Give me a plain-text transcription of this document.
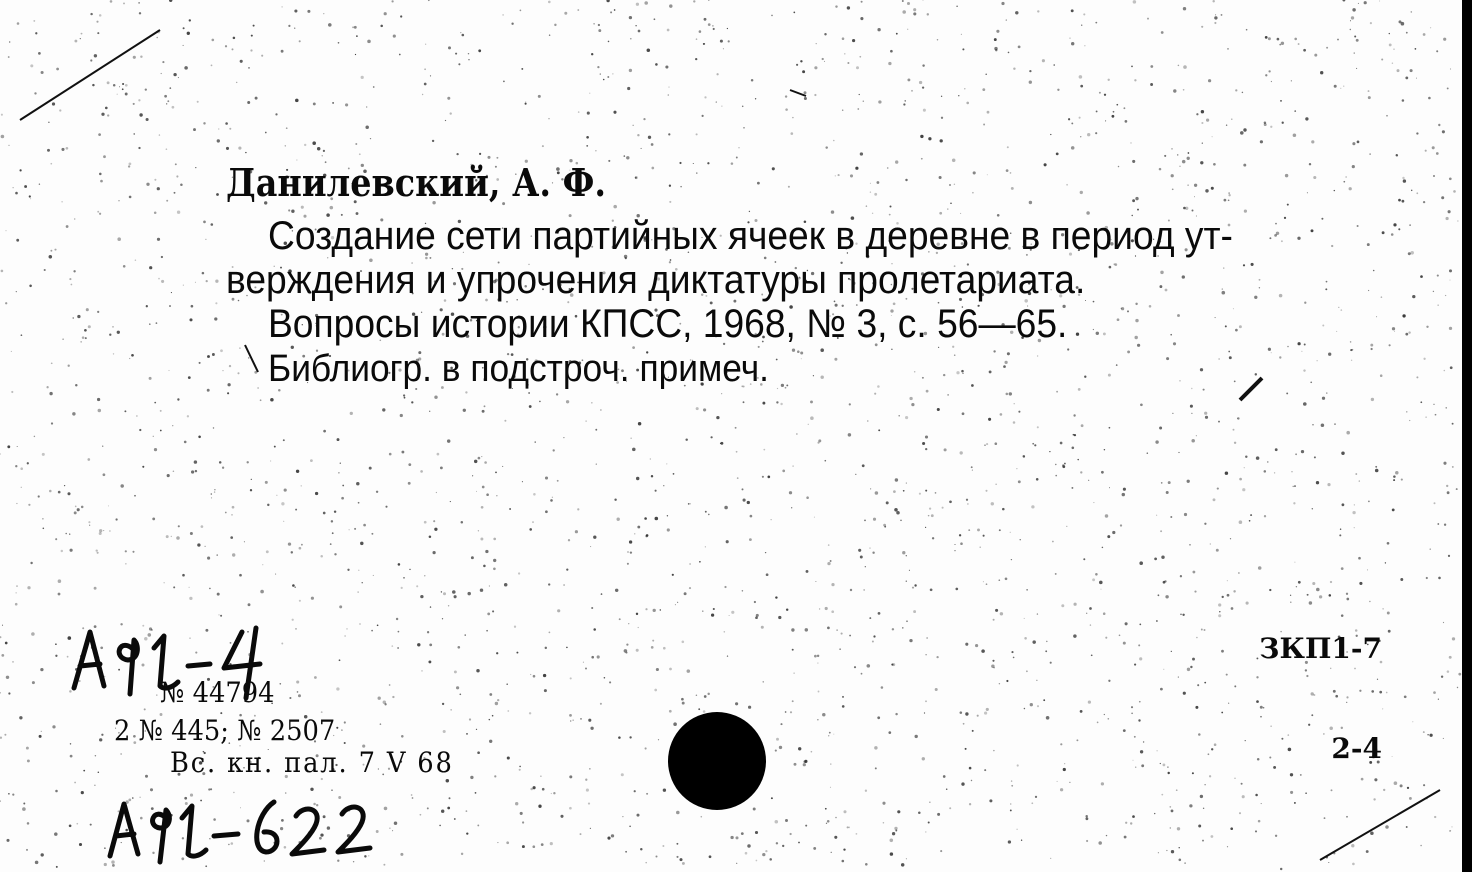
Данилевский, А. Ф.
Создание сети партийных ячеек в деревне в период ут-
верждения и упрочения диктатуры пролетариата.
Вопросы истории КПСС, 1968, № 3, с. 56—65.
Библиогр. в подстроч. примеч.
№ 44794
2 № 445; № 2507
Вс. кн. пал. 7 V 68
ЗКП1-7
2-4
